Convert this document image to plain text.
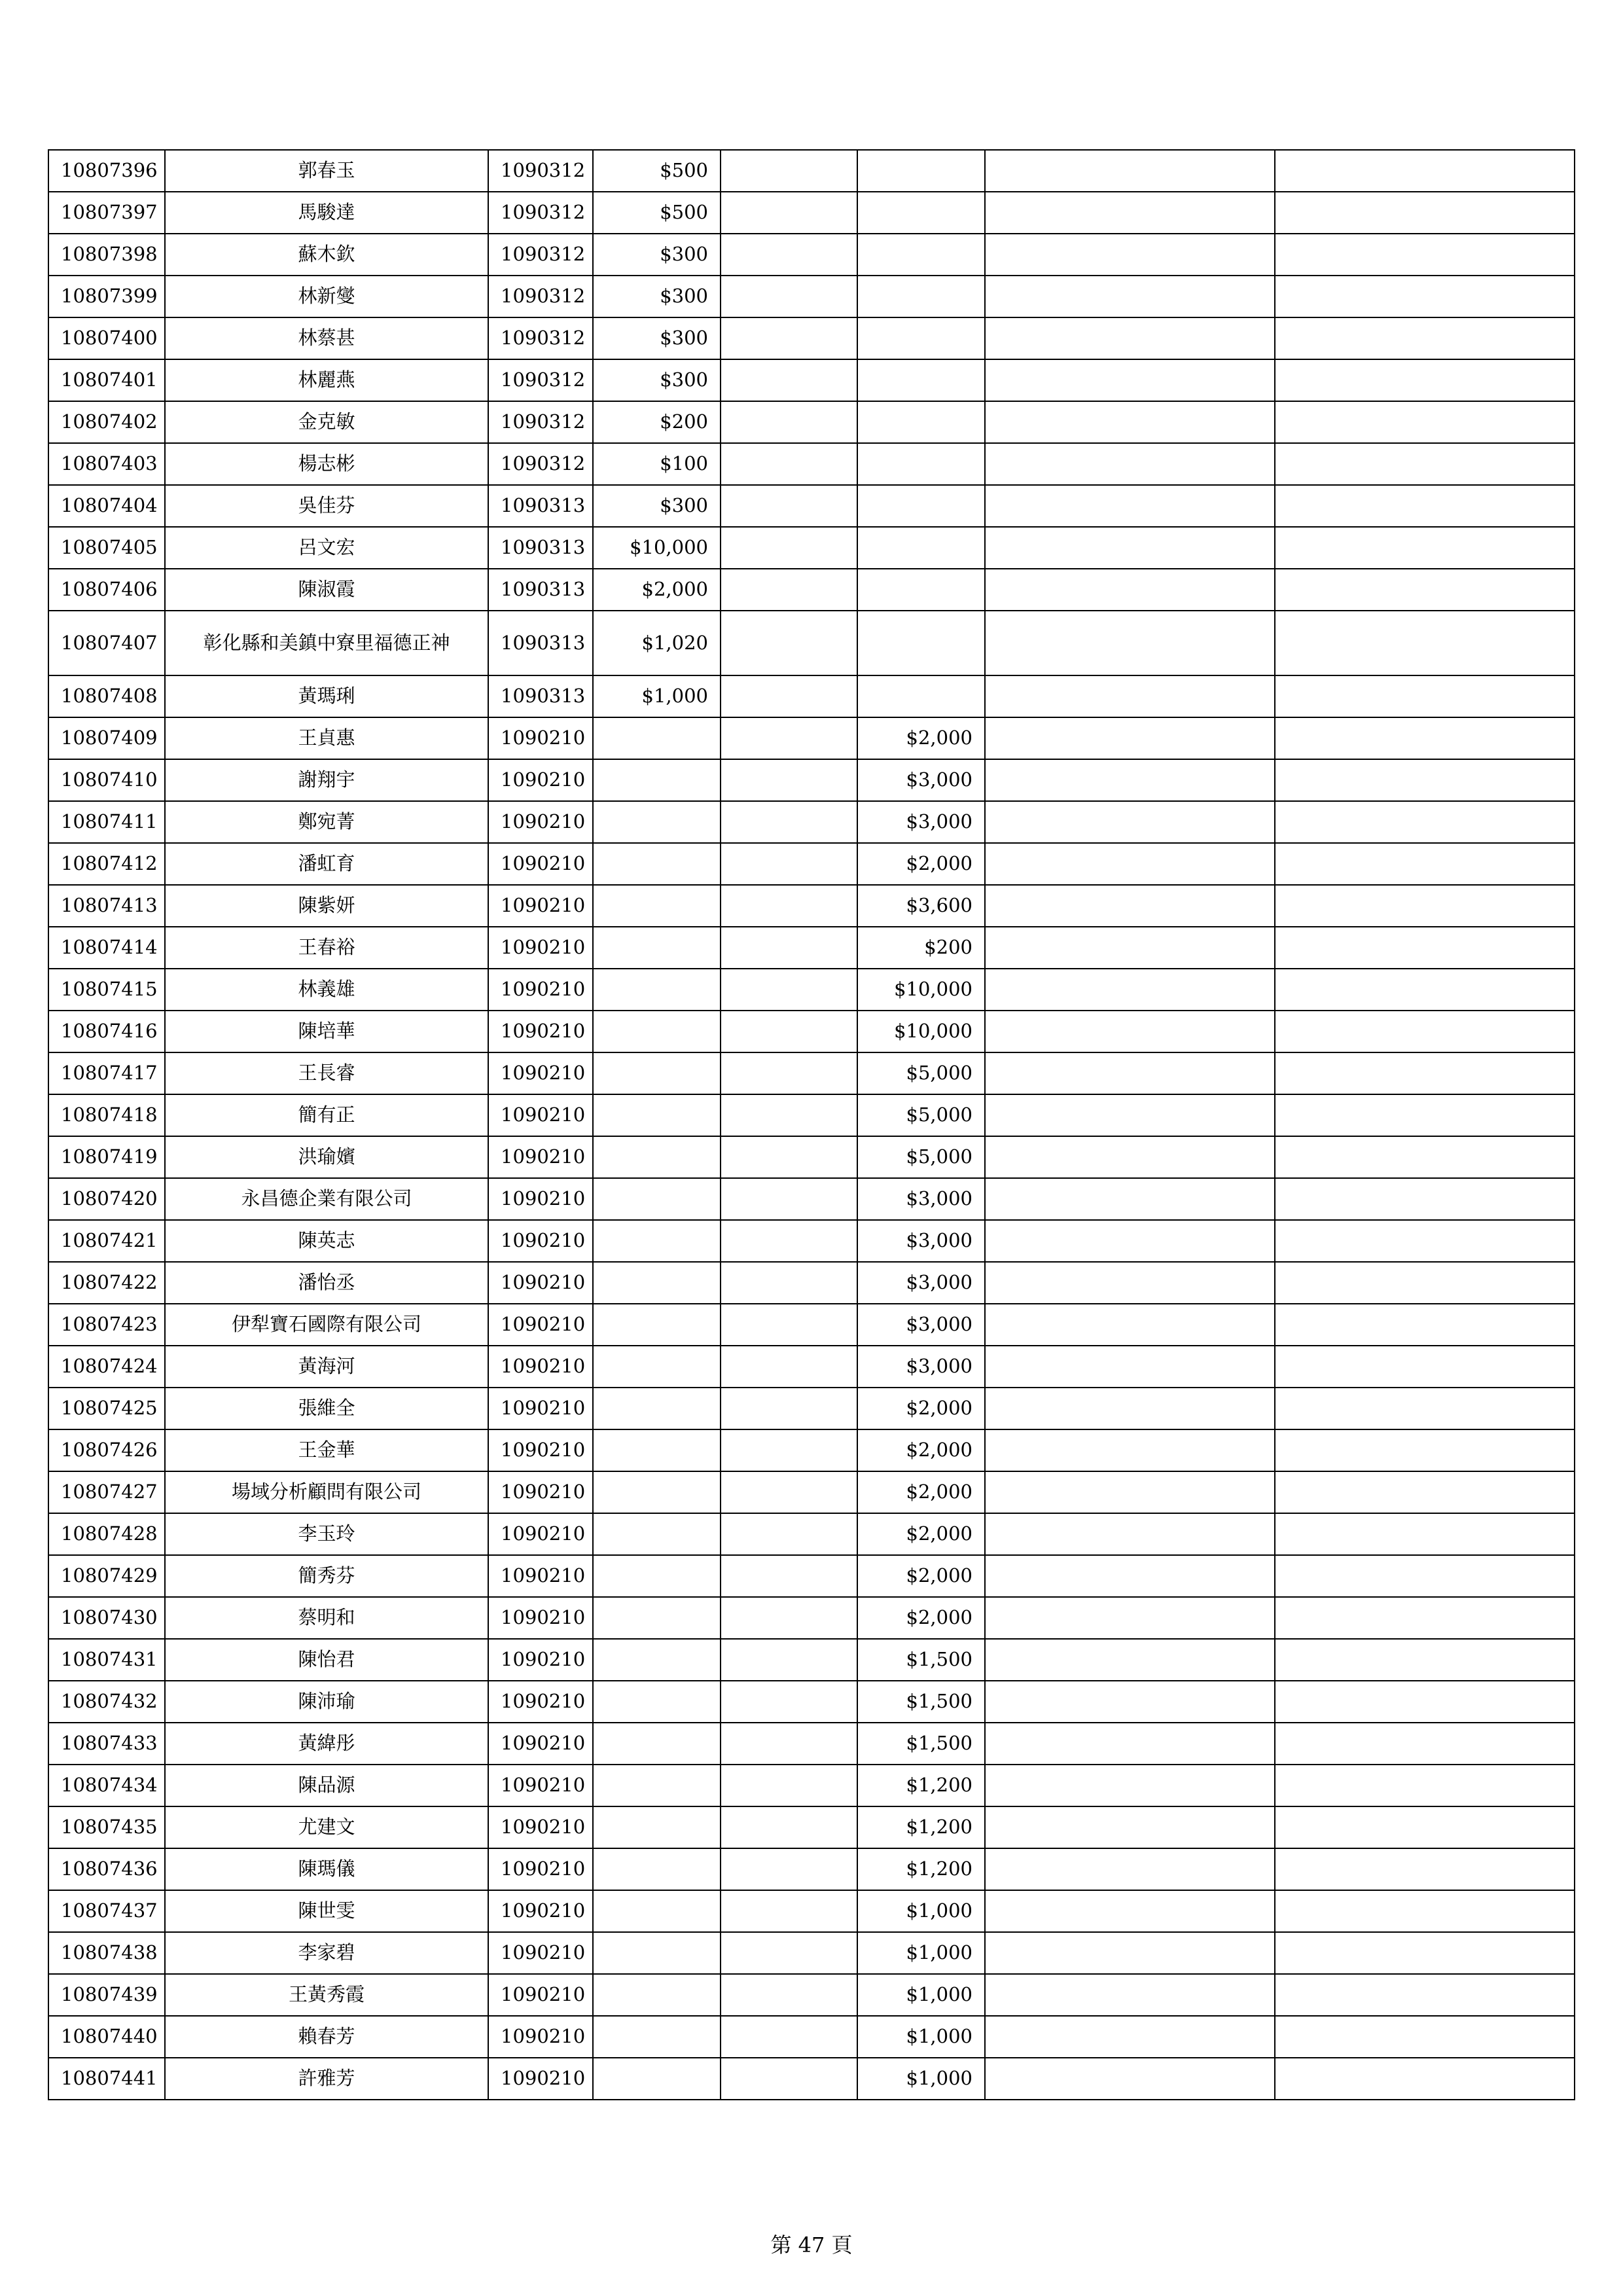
10807396	郭春玉	1090312	$500				
10807397	馬駿達	1090312	$500				
10807398	蘇木欽	1090312	$300				
10807399	林新燮	1090312	$300				
10807400	林蔡甚	1090312	$300				
10807401	林麗燕	1090312	$300				
10807402	金克敏	1090312	$200				
10807403	楊志彬	1090312	$100				
10807404	吳佳芬	1090313	$300				
10807405	呂文宏	1090313	$10,000				
10807406	陳淑霞	1090313	$2,000				
10807407	彰化縣和美鎮中寮里福德正神	1090313	$1,020				
10807408	黃瑪琍	1090313	$1,000				
10807409	王貞惠	1090210			$2,000		
10807410	謝翔宇	1090210			$3,000		
10807411	鄭宛菁	1090210			$3,000		
10807412	潘虹育	1090210			$2,000		
10807413	陳紫妍	1090210			$3,600		
10807414	王春裕	1090210			$200		
10807415	林義雄	1090210			$10,000		
10807416	陳培華	1090210			$10,000		
10807417	王長睿	1090210			$5,000		
10807418	簡有正	1090210			$5,000		
10807419	洪瑜嬪	1090210			$5,000		
10807420	永昌德企業有限公司	1090210			$3,000		
10807421	陳英志	1090210			$3,000		
10807422	潘怡丞	1090210			$3,000		
10807423	伊犁寶石國際有限公司	1090210			$3,000		
10807424	黃海河	1090210			$3,000		
10807425	張維全	1090210			$2,000		
10807426	王金華	1090210			$2,000		
10807427	場域分析顧問有限公司	1090210			$2,000		
10807428	李玉玲	1090210			$2,000		
10807429	簡秀芬	1090210			$2,000		
10807430	蔡明和	1090210			$2,000		
10807431	陳怡君	1090210			$1,500		
10807432	陳沛瑜	1090210			$1,500		
10807433	黃緯彤	1090210			$1,500		
10807434	陳品源	1090210			$1,200		
10807435	尤建文	1090210			$1,200		
10807436	陳瑪儀	1090210			$1,200		
10807437	陳世雯	1090210			$1,000		
10807438	李家碧	1090210			$1,000		
10807439	王黃秀霞	1090210			$1,000		
10807440	賴春芳	1090210			$1,000		
10807441	許雅芳	1090210			$1,000		
第 47 頁
